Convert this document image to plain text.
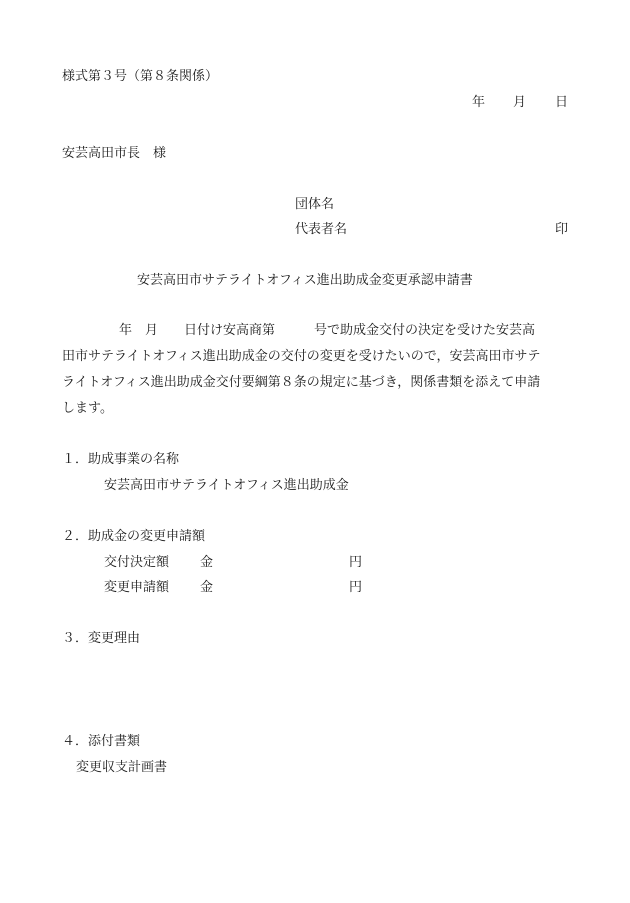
様式第３号（第８条関係）
年 月 日
安芸高田市長　様
団体名
代表者名	印
安芸高田市サテライトオフィス進出助成金変更承認申請書
　年　月　　日付け安高商第　　　号で助成金交付の決定を受けた安芸高
田市サテライトオフィス進出助成金の交付の変更を受けたいので，安芸高田市サテ
ライトオフィス進出助成金交付要綱第８条の規定に基づき，関係書類を添えて申請
します。
１．助成事業の名称
安芸高田市サテライトオフィス進出助成金
２．助成金の変更申請額
交付決定額 金	円
変更申請額 金	円
３．変更理由
４．添付書類
変更収支計画書
